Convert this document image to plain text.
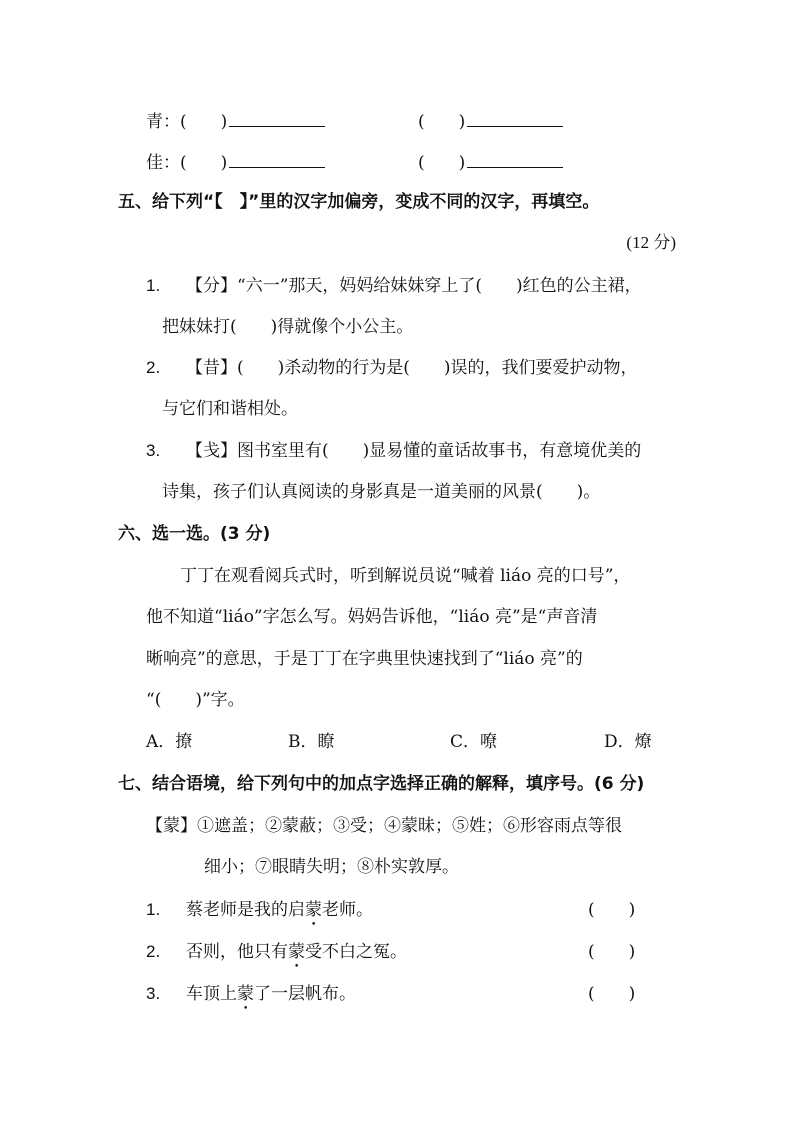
青：(　　)	(　　)
佳：(　　)	(　　)
五、给下列“【　】”里的汉字加偏旁，变成不同的汉字，再填空。
(12 分)
1. 【分】“六一”那天，妈妈给妹妹穿上了(　　)红色的公主裙，
把妹妹打(　　)得就像个小公主。
2. 【昔】(　　)杀动物的行为是(　　)误的，我们要爱护动物，
与它们和谐相处。
3. 【戋】图书室里有(　　)显易懂的童话故事书，有意境优美的
诗集，孩子们认真阅读的身影真是一道美丽的风景(　　)。
六、选一选。(3 分)
丁丁在观看阅兵式时，听到解说员说“喊着 liáo 亮的口号”，
他不知道“liáo”字怎么写。妈妈告诉他，“liáo 亮”是“声音清
晰响亮”的意思，于是丁丁在字典里快速找到了“liáo 亮”的
“(　　)”字。
A．撩	B．瞭	C．嘹	D．燎
七、结合语境，给下列句中的加点字选择正确的解释，填序号。(6 分)
【蒙】①遮盖；②蒙蔽；③受；④蒙昧；⑤姓；⑥形容雨点等很
细小；⑦眼睛失明；⑧朴实敦厚。
1. 蔡老师是我的启蒙老师。	(　　)
2. 否则，他只有蒙受不白之冤。	(　　)
3. 车顶上蒙了一层帆布。	(　　)
